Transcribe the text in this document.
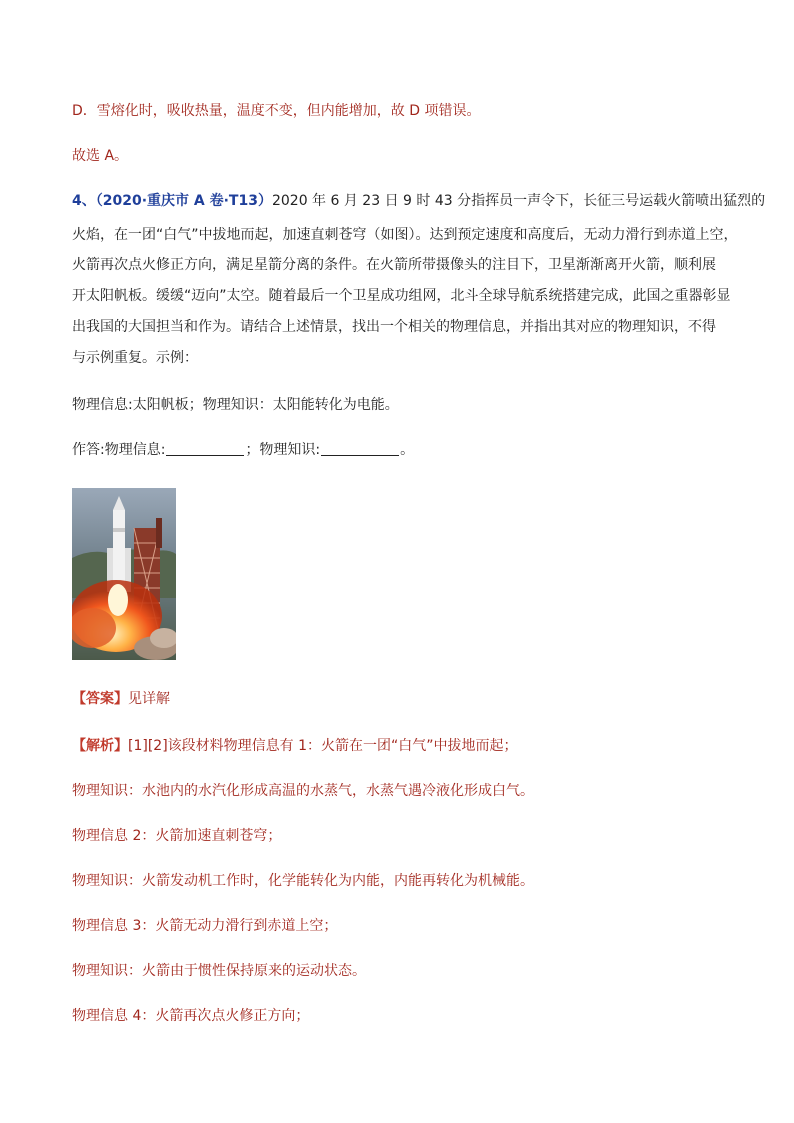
D．雪熔化时，吸收热量，温度不变，但内能增加，故 D 项错误。
故选 A。
4、（2020·重庆市 A 卷·T13）2020 年 6 月 23 日 9 时 43 分指挥员一声令下，长征三号运载火箭喷出猛烈的
火焰，在一团“白气”中拔地而起，加速直刺苍穹（如图）。达到预定速度和高度后，无动力滑行到赤道上空，
火箭再次点火修正方向，满足星箭分离的条件。在火箭所带摄像头的注目下，卫星渐渐离开火箭，顺利展
开太阳帆板。缓缓“迈向”太空。随着最后一个卫星成功组网，北斗全球导航系统搭建完成，此国之重器彰显
出我国的大国担当和作为。请结合上述情景，找出一个相关的物理信息，并指出其对应的物理知识，不得
与示例重复。示例：
物理信息:太阳帆板；物理知识：太阳能转化为电能。
作答:物理信息:	；物理知识:	。
【答案】见详解
【解析】[1][2]该段材料物理信息有 1：火箭在一团“白气”中拔地而起；
物理知识：水池内的水汽化形成高温的水蒸气，水蒸气遇冷液化形成白气。
物理信息 2：火箭加速直刺苍穹；
物理知识：火箭发动机工作时，化学能转化为内能，内能再转化为机械能。
物理信息 3：火箭无动力滑行到赤道上空；
物理知识：火箭由于惯性保持原来的运动状态。
物理信息 4：火箭再次点火修正方向；
